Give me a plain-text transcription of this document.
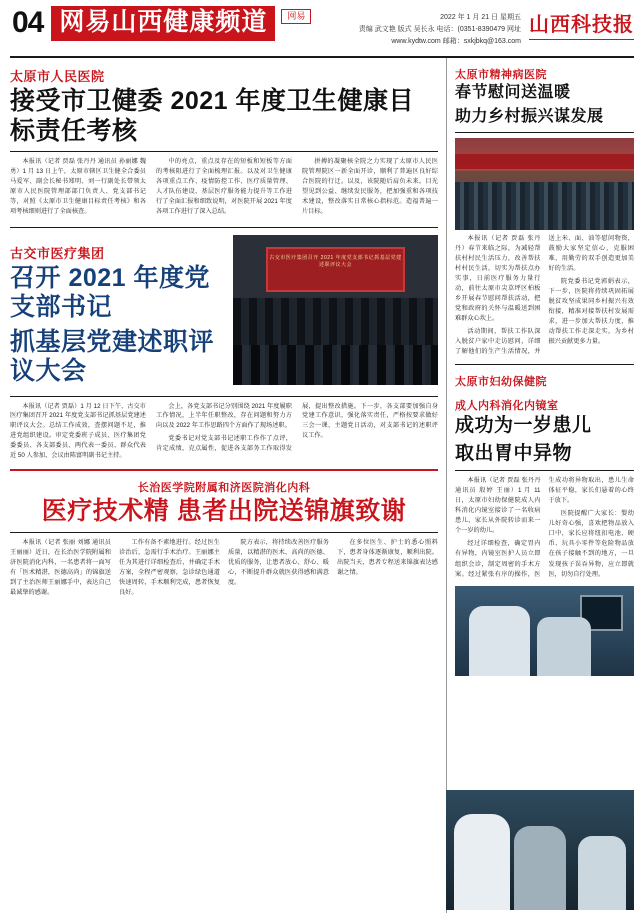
04 网易山西健康频道	网易	2022 年 1 月 21 日 星期五
责编 武文艳 版式 吴长永 电话：(0351-8390479 网址 www.kydtw.com 邮箱：sxkjbkq@163.com
山西科技报
太原市人民医院
接受市卫健委 2021 年度卫生健康目标责任考核

本报讯（记者 贾磊 张丹丹 通讯员 孙丽娜 魏勇）1 月 13 日上午，太原市辖区卫生健全合委员马爱军、副会长秘书郑明、刘一行副处长带领太原市人民医院管理部部门负责人、党支部书记等，对照《太原市卫生健康目标责任考核》和各项考核细则进行了全面核查。

中的亮点，重点及存在的短板和短板等方面的考核阻进行了全面梳理汇报。以及对卫生健康各项重点工作、疫情防控工作、医疗质量管理、人才队伍建设、基层医疗服务能力提升等工作进行了全面汇报和细致说明，对医院开展 2021 年度各项工作进行了深入总结。

拼搏的凝聚核全院之力实现了太原市人民医院管理院区一新全面开诊，顺利了普遍区良好综合医院的行迁。以及，该院随后肩负未来。目光望见到公益、继续发民服务，把加强重和各项技术建设，整改落实日常核心指标范。造福普遍一片目标。

古交市医疗集团
召开 2021 年度党支部书记
抓基层党建述职评议大会
古交市医疗集团召开 2021 年度党支部书记抓基层党建述职评议大会

本报讯（记者 贾磊）1 月 12 日下午，古交市医疗集团召开 2021 年度党支部书记抓基层党建述职评议大会。总结工作成效，查摆问题不足，推进党组织建设。审定党委班子成员、医疗集团党委委员、各支部委员、两代表一委员、群众代表近 50 人参加，会议由陈富明副书记主持。

会上，各党支部书记分别围绕 2021 年度履职工作情况，上半年任职整改，存在问题和努力方向以及 2022 年工作思路四个方面作了现场述职。

党委书记对党支部书记述职工作作了点评，肯定成绩，克点属性，促进各支部务工作取得发展，提出整改措施。下一步，各支部要加强自身党建工作意识，强化落实责任，严格按要求做好三会一课、主题党日活动，对支部书记的述职评议工作。

长治医学院附属和济医院消化内科
医疗技术精 患者出院送锦旗致谢

本报讯（记者 张丽 刘娜 通讯员 王丽丽）近日，在长治医学院附属和济医院消化内科，一名患者将一面写有「医术精湛，医德高尚」的锦旗送到了主治医师王丽娜手中，表达自己最诚挚的感谢。

工作有备不素地进行。经过医生诊治后，急需行手术治疗。王丽娜主任为其进行详细检查后，并确定手术方案，全程严密观察，急诊绿色通道快速周转，手术顺利完成，患者恢复良好。

院方表示，将持续改善医疗服务质量，以精湛的医术、高尚的医德、优质的服务，让患者放心、舒心、暖心，不断提升群众就医获得感和满意度。

在多位医生、护士的悉心照料下，患者身体逐渐康复，顺利出院。出院当天，患者专程送来锦旗表达感谢之情。

太原市精神病医院
春节慰问送温暖
助力乡村振兴谋发展

本报讯（记者 贾磊 张丹丹）春节来临之际，为减轻帮扶村村民生活压力，改善帮扶村村民生活，切实为帮扶点办实事，日前医疗服务力量行动，前往太原市尖草坪区柏板乡开展春节慰问帮扶活动，把党和政府的关怀与温暖送到困难群众心坎上。

活动期间，帮扶工作队深入脱贫户家中走访慰问，详细了解他们的生产生活情况，并送上米、面、油等慰问物资，鼓励大家坚定信心、克服困难，用勤劳的双手创造更加美好的生活。

院党委书记党郭娟表示，下一步，医院将持续巩固拓展脱贫攻坚成果同乡村振兴有效衔接，精准对接帮扶村发展需求，进一步加大帮扶力度，推动帮扶工作走深走实，为乡村振兴贡献更多力量。

太原市妇幼保健院
成人内科消化内镜室
成功为一岁患儿
取出胃中异物

本报讯（记者 贾磊 张丹丹 通讯员 殷婷 王丽）1 月 11 日，太原市妇幼保健院成人内科消化内镜室接诊了一名收病患儿，家长从外院转诊而来一个一岁的幼儿。

经过详细检查，确定胃内有异物，内镜室医护人员立即组织会诊，制定周密的手术方案。经过紧张有序的操作，医生成功将异物取出，患儿生命体征平稳，家长们悬着的心终于放下。

医院提醒广大家长：婴幼儿好奇心强，喜欢把物品放入口中，家长应将纽扣电池、硬币、玩具小零件等危险物品放在孩子接触不到的地方，一旦发现孩子误吞异物，应立即就医，切勿自行处理。
